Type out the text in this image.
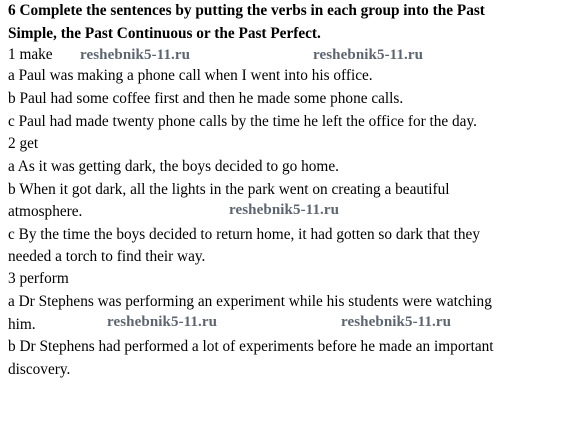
6 Complete the sentences by putting the verbs in each group into the Past
Simple, the Past Continuous or the Past Perfect.
1 make
a Paul was making a phone call when I went into his office.
b Paul had some coffee first and then he made some phone calls.
c Paul had made twenty phone calls by the time he left the office for the day.
2 get
a As it was getting dark, the boys decided to go home.
b When it got dark, all the lights in the park went on creating a beautiful
atmosphere.
c By the time the boys decided to return home, it had gotten so dark that they
needed a torch to find their way.
3 perform
a Dr Stephens was performing an experiment while his students were watching
him.
b Dr Stephens had performed a lot of experiments before he made an important
discovery.
reshebnik5-11.ru	reshebnik5-11.ru
reshebnik5-11.ru
reshebnik5-11.ru	reshebnik5-11.ru
